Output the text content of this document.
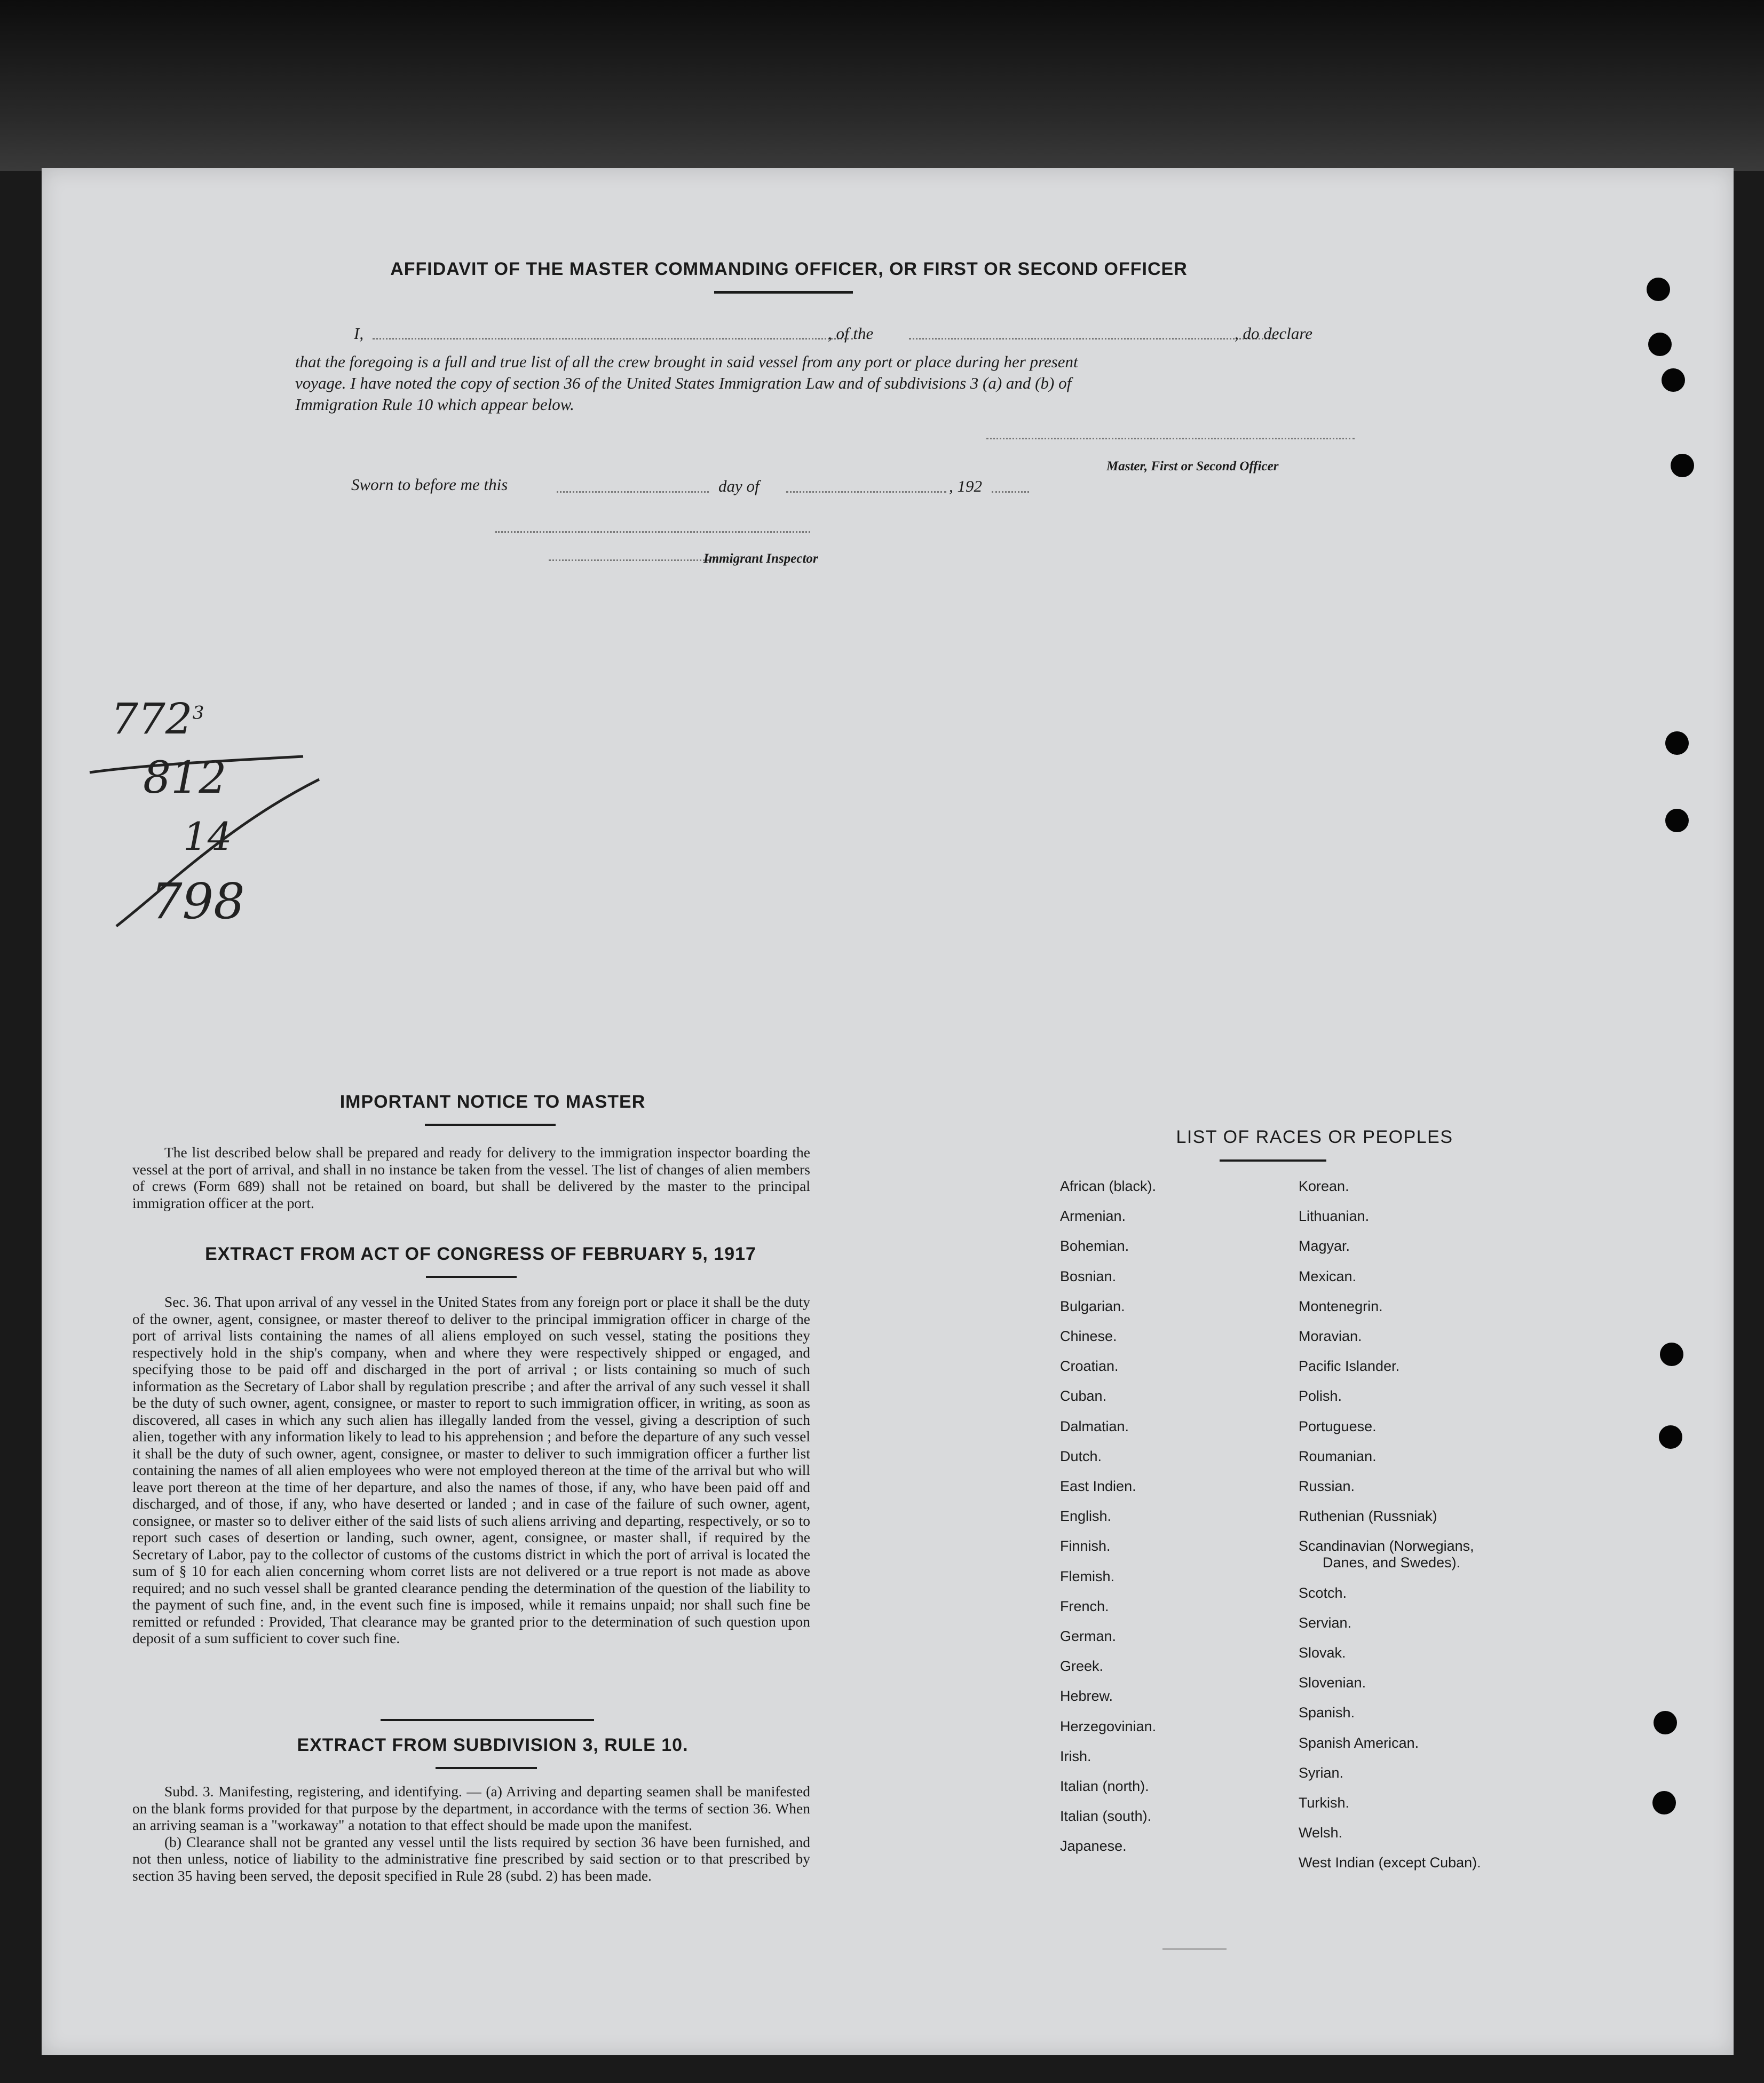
AFFIDAVIT OF THE MASTER COMMANDING OFFICER, OR FIRST OR SECOND OFFICER
I,	, of the	, do declare
that the foregoing is a full and true list of all the crew brought in said vessel from any port or place during her present
voyage. I have noted the copy of section 36 of the United States Immigration Law and of subdivisions 3 (a) and (b) of
Immigration Rule 10 which appear below.
Master, First or Second Officer
Sworn to before me this	day of	, 192
Immigrant Inspector
$772^3$
812
14
798
IMPORTANT NOTICE TO MASTER

The list described below shall be prepared and ready for delivery to the immigration inspector boarding the vessel at the port of arrival, and shall in no instance be taken from the vessel. The list of changes of alien members of crews (Form 689) shall not be retained on board, but shall be delivered by the master to the principal immigration officer at the port.

EXTRACT FROM ACT OF CONGRESS OF FEBRUARY 5, 1917

Sec. 36. That upon arrival of any vessel in the United States from any foreign port or place it shall be the duty of the owner, agent, consignee, or master thereof to deliver to the principal immigration officer in charge of the port of arrival lists containing the names of all aliens employed on such vessel, stating the positions they respectively hold in the ship's company, when and where they were respectively shipped or engaged, and specifying those to be paid off and discharged in the port of arrival ; or lists containing so much of such information as the Secretary of Labor shall by regulation prescribe ; and after the arrival of any such vessel it shall be the duty of such owner, agent, consignee, or master to report to such immigration officer, in writing, as soon as discovered, all cases in which any such alien has illegally landed from the vessel, giving a description of such alien, together with any information likely to lead to his apprehension ; and before the departure of any such vessel it shall be the duty of such owner, agent, consignee, or master to deliver to such immigration officer a further list containing the names of all alien employees who were not employed thereon at the time of the arrival but who will leave port thereon at the time of her departure, and also the names of those, if any, who have been paid off and discharged, and of those, if any, who have deserted or landed ; and in case of the failure of such owner, agent, consignee, or master so to deliver either of the said lists of such aliens arriving and departing, respectively, or so to report such cases of desertion or landing, such owner, agent, consignee, or master shall, if required by the Secretary of Labor, pay to the collector of customs of the customs district in which the port of arrival is located the sum of § 10 for each alien concerning whom corret lists are not delivered or a true report is not made as above required; and no such vessel shall be granted clearance pending the determination of the question of the liability to the payment of such fine, and, in the event such fine is imposed, while it remains unpaid; nor shall such fine be remitted or refunded : Provided, That clearance may be granted prior to the determination of such question upon deposit of a sum sufficient to cover such fine.

EXTRACT FROM SUBDIVISION 3, RULE 10.

Subd. 3. Manifesting, registering, and identifying. — (a) Arriving and departing seamen shall be manifested on the blank forms provided for that purpose by the department, in accordance with the terms of section 36. When an arriving seaman is a "workaway" a notation to that effect should be made upon the manifest.

(b) Clearance shall not be granted any vessel until the lists required by section 36 have been furnished, and not then unless, notice of liability to the administrative fine prescribed by said section or to that prescribed by section 35 having been served, the deposit specified in Rule 28 (subd. 2) has been made.

LIST OF RACES OR PEOPLES
African (black).
Armenian.
Bohemian.
Bosnian.
Bulgarian.
Chinese.
Croatian.
Cuban.
Dalmatian.
Dutch.
East Indien.
English.
Finnish.
Flemish.
French.
German.
Greek.
Hebrew.
Herzegovinian.
Irish.
Italian (north).
Italian (south).
Japanese.
Korean.
Lithuanian.
Magyar.
Mexican.
Montenegrin.
Moravian.
Pacific Islander.
Polish.
Portuguese.
Roumanian.
Russian.
Ruthenian (Russniak)
Scandinavian (Norwegians,
Danes, and Swedes).
Scotch.
Servian.
Slovak.
Slovenian.
Spanish.
Spanish American.
Syrian.
Turkish.
Welsh.
West Indian (except Cuban).
